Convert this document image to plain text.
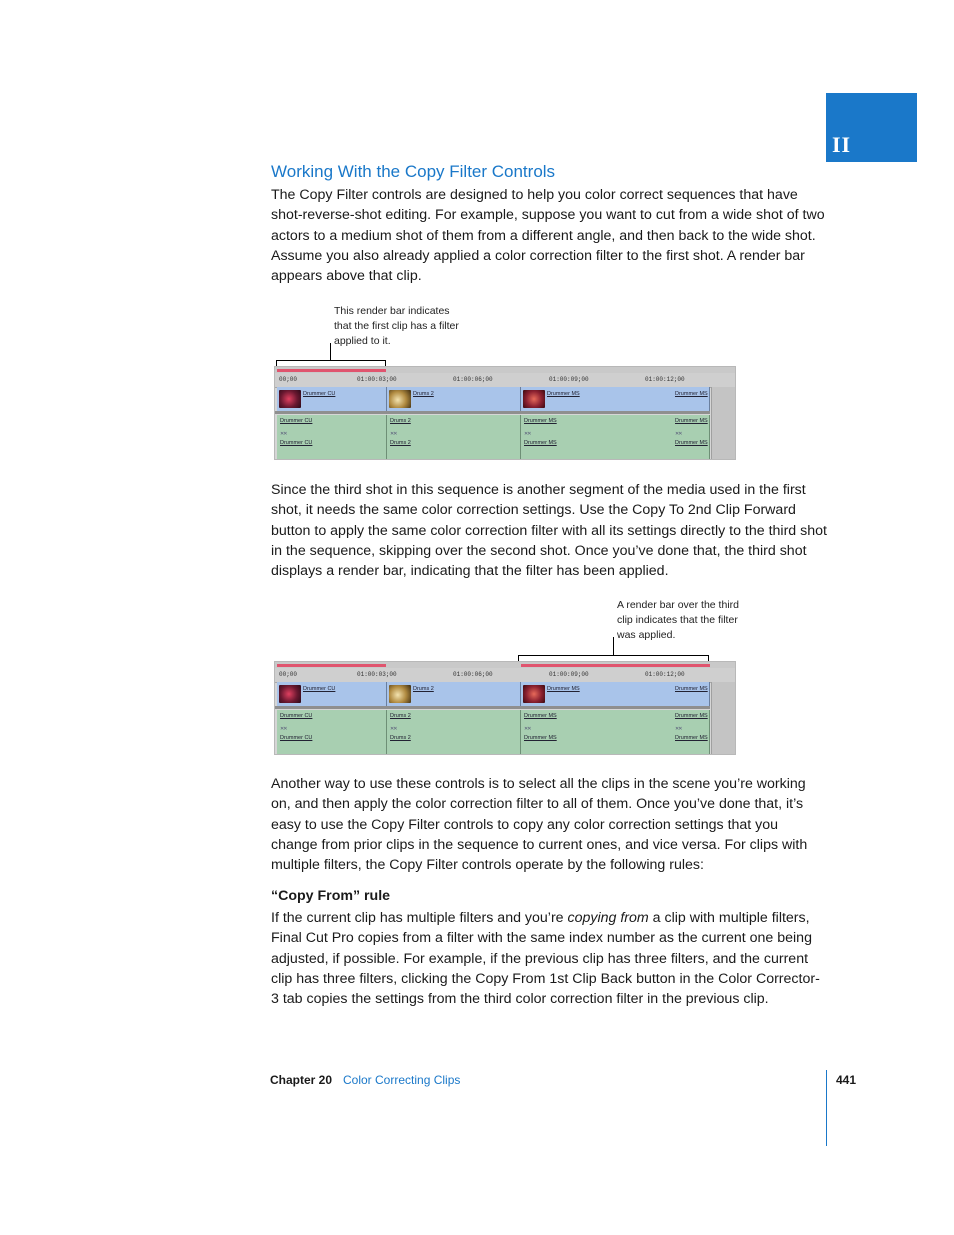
II
Working With the Copy Filter Controls

The Copy Filter controls are designed to help you color correct sequences that have shot-reverse-shot editing. For example, suppose you want to cut from a wide shot of two actors to a medium shot of them from a different angle, and then back to the wide shot. Assume you also already applied a color correction filter to the first shot. A render bar appears above that clip.

This render bar indicates that the first clip has a filter applied to it.
00;00	01:00:03;00	01:00:06;00	01:00:09;00	01:00:12;00
Drummer CU	Drums 2	Drummer MS	Drummer MS
Drummer CU
✕✕
Drummer CU
Drums 2
✕✕
Drums 2
Drummer MS	Drummer MS
✕✕	✕✕
Drummer MS	Drummer MS

Since the third shot in this sequence is another segment of the media used in the first shot, it needs the same color correction settings. Use the Copy To 2nd Clip Forward button to apply the same color correction filter with all its settings directly to the third shot in the sequence, skipping over the second shot. Once you’ve done that, the third shot displays a render bar, indicating that the filter has been applied.

A render bar over the third clip indicates that the filter was applied.
00;00	01:00:03;00	01:00:06;00	01:00:09;00	01:00:12;00
Drummer CU	Drums 2	Drummer MS	Drummer MS
Drummer CU
✕✕
Drummer CU
Drums 2
✕✕
Drums 2
Drummer MS	Drummer MS
✕✕	✕✕
Drummer MS	Drummer MS

Another way to use these controls is to select all the clips in the scene you’re working on, and then apply the color correction filter to all of them. Once you’ve done that, it’s easy to use the Copy Filter controls to copy any color correction settings that you change from prior clips in the sequence to current ones, and vice versa. For clips with multiple filters, the Copy Filter controls operate by the following rules:

“Copy From” rule

If the current clip has multiple filters and you’re copying from a clip with multiple filters, Final Cut Pro copies from a filter with the same index number as the current one being adjusted, if possible. For example, if the previous clip has three filters, and the current clip has three filters, clicking the Copy From 1st Clip Back button in the Color Corrector-3 tab copies the settings from the third color correction filter in the previous clip.

Chapter 20 Color Correcting Clips	441
